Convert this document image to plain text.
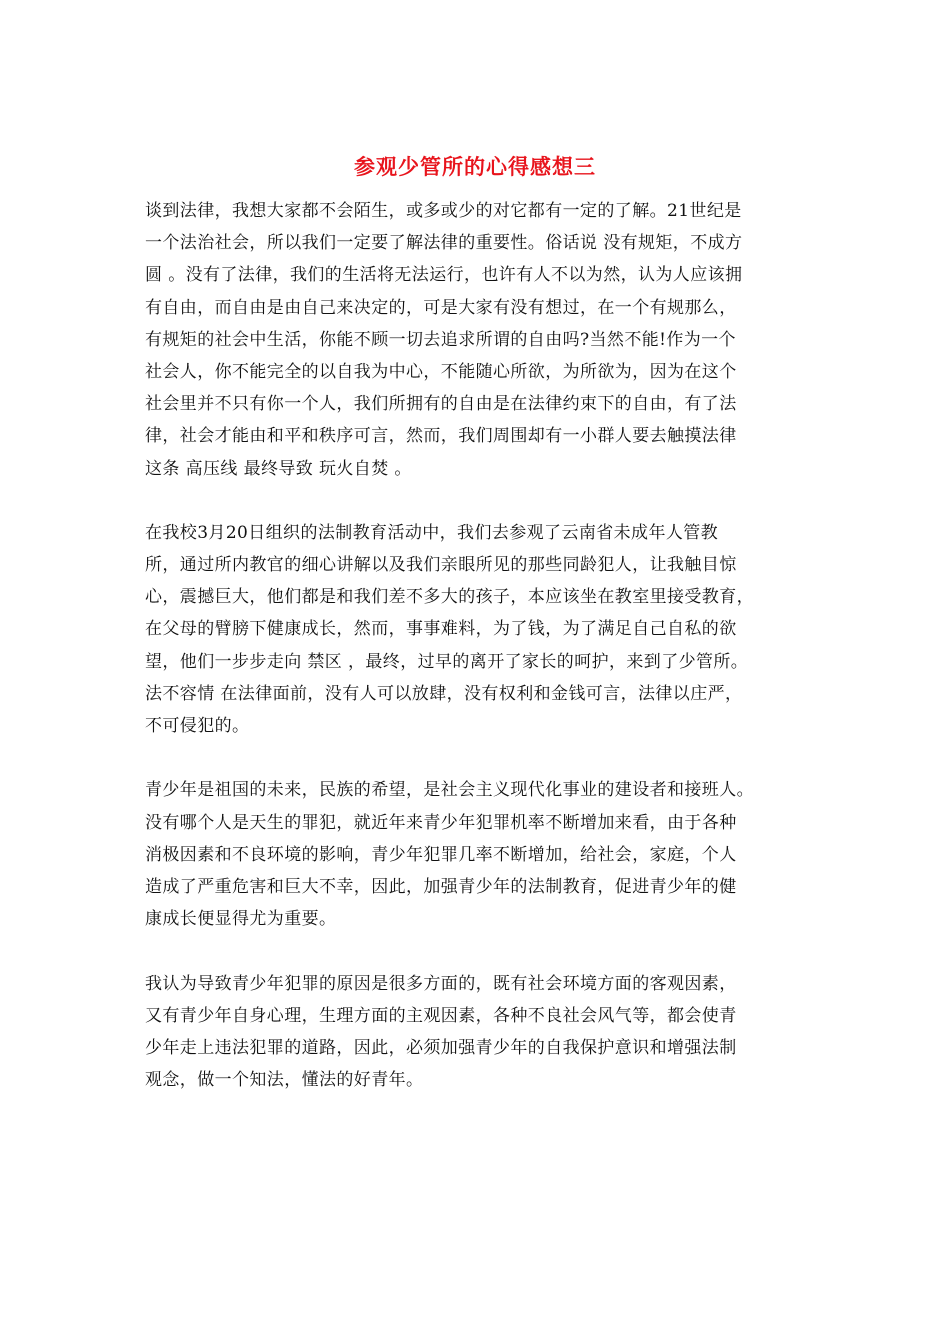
参观少管所的心得感想三
谈到法律，我想大家都不会陌生，或多或少的对它都有一定的了解。21世纪是
一个法治社会，所以我们一定要了解法律的重要性。俗话说 没有规矩，不成方
圆 。没有了法律，我们的生活将无法运行，也许有人不以为然，认为人应该拥
有自由，而自由是由自己来决定的，可是大家有没有想过，在一个有规那么，
有规矩的社会中生活，你能不顾一切去追求所谓的自由吗?当然不能!作为一个
社会人，你不能完全的以自我为中心，不能随心所欲，为所欲为，因为在这个
社会里并不只有你一个人，我们所拥有的自由是在法律约束下的自由，有了法
律，社会才能由和平和秩序可言，然而，我们周围却有一小群人要去触摸法律
这条 高压线 最终导致 玩火自焚 。
在我校3月20日组织的法制教育活动中，我们去参观了云南省未成年人管教
所，通过所内教官的细心讲解以及我们亲眼所见的那些同龄犯人，让我触目惊
心，震撼巨大，他们都是和我们差不多大的孩子，本应该坐在教室里接受教育，
在父母的臂膀下健康成长，然而，事事难料，为了钱，为了满足自己自私的欲
望，他们一步步走向 禁区 ，最终，过早的离开了家长的呵护，来到了少管所。
法不容情 在法律面前，没有人可以放肆，没有权利和金钱可言，法律以庄严，
不可侵犯的。
青少年是祖国的未来，民族的希望，是社会主义现代化事业的建设者和接班人。
没有哪个人是天生的罪犯，就近年来青少年犯罪机率不断增加来看，由于各种
消极因素和不良环境的影响，青少年犯罪几率不断增加，给社会，家庭，个人
造成了严重危害和巨大不幸，因此，加强青少年的法制教育，促进青少年的健
康成长便显得尤为重要。
我认为导致青少年犯罪的原因是很多方面的，既有社会环境方面的客观因素，
又有青少年自身心理，生理方面的主观因素，各种不良社会风气等，都会使青
少年走上违法犯罪的道路，因此，必须加强青少年的自我保护意识和增强法制
观念，做一个知法，懂法的好青年。
